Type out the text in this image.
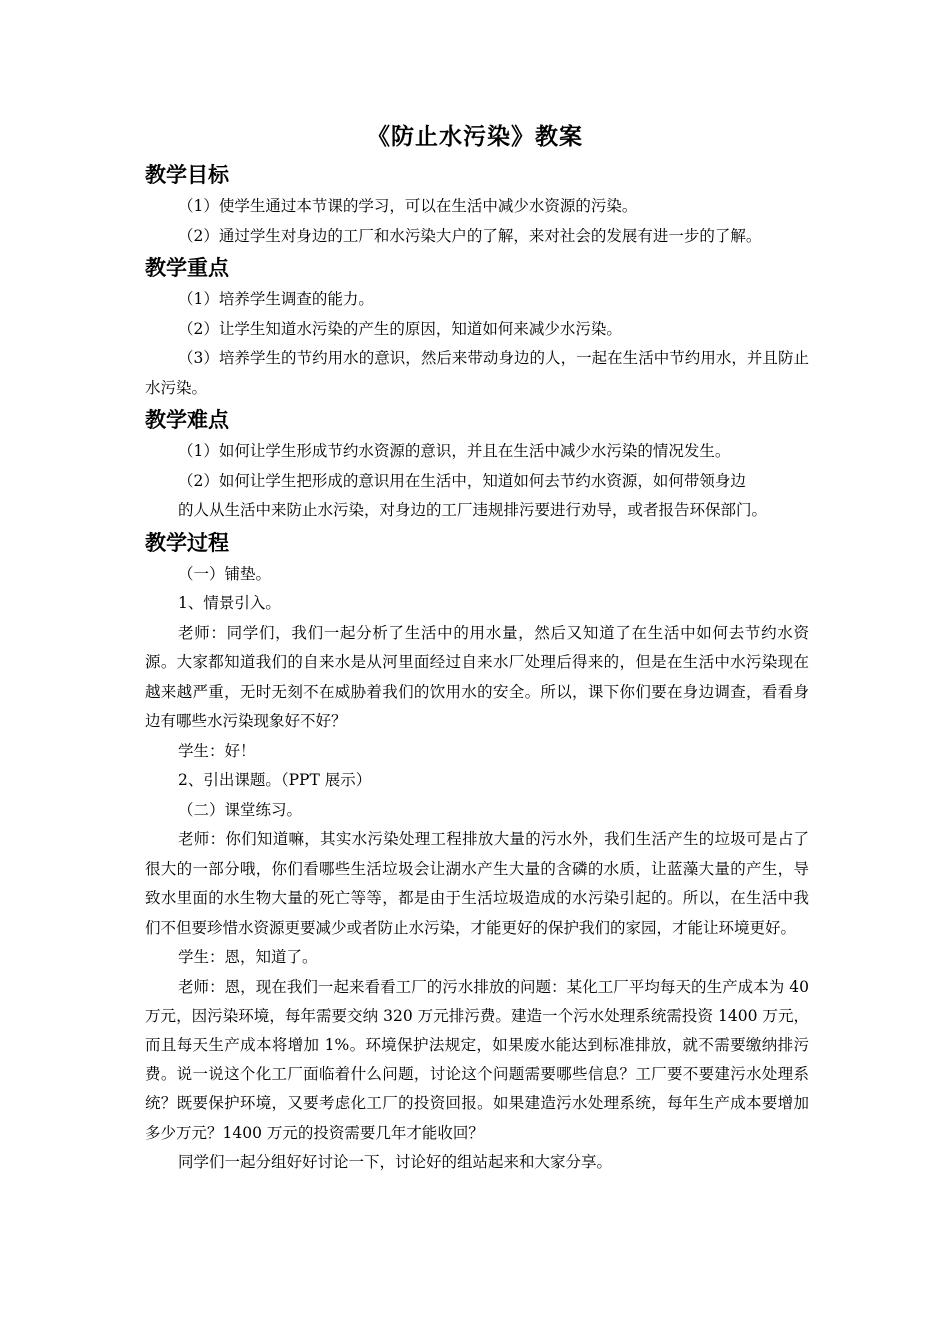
《防止水污染》教案
教学目标

（1）使学生通过本节课的学习，可以在生活中减少水资源的污染。

（2）通过学生对身边的工厂和水污染大户的了解，来对社会的发展有进一步的了解。

教学重点

（1）培养学生调查的能力。

（2）让学生知道水污染的产生的原因，知道如何来减少水污染。

（3）培养学生的节约用水的意识，然后来带动身边的人，一起在生活中节约用水，并且防止水污染。

教学难点

（1）如何让学生形成节约水资源的意识，并且在生活中减少水污染的情况发生。

（2）如何让学生把形成的意识用在生活中，知道如何去节约水资源，如何带领身边

的人从生活中来防止水污染，对身边的工厂违规排污要进行劝导，或者报告环保部门。

教学过程

（一）铺垫。

1、情景引入。

老师：同学们，我们一起分析了生活中的用水量，然后又知道了在生活中如何去节约水资源。大家都知道我们的自来水是从河里面经过自来水厂处理后得来的，但是在生活中水污染现在越来越严重，无时无刻不在威胁着我们的饮用水的安全。所以，课下你们要在身边调查，看看身边有哪些水污染现象好不好？

学生：好！

2、引出课题。（PPT 展示）

（二）课堂练习。

老师：你们知道嘛，其实水污染处理工程排放大量的污水外，我们生活产生的垃圾可是占了很大的一部分哦，你们看哪些生活垃圾会让湖水产生大量的含磷的水质，让蓝藻大量的产生，导致水里面的水生物大量的死亡等等，都是由于生活垃圾造成的水污染引起的。所以，在生活中我们不但要珍惜水资源更要减少或者防止水污染，才能更好的保护我们的家园，才能让环境更好。

学生：恩，知道了。

老师：恩，现在我们一起来看看工厂的污水排放的问题：某化工厂平均每天的生产成本为 40 万元，因污染环境，每年需要交纳 320 万元排污费。建造一个污水处理系统需投资 1400 万元，而且每天生产成本将增加 1%。环境保护法规定，如果废水能达到标准排放，就不需要缴纳排污费。说一说这个化工厂面临着什么问题，讨论这个问题需要哪些信息？工厂要不要建污水处理系统？既要保护环境，又要考虑化工厂的投资回报。如果建造污水处理系统，每年生产成本要增加多少万元？1400 万元的投资需要几年才能收回？

同学们一起分组好好讨论一下，讨论好的组站起来和大家分享。
